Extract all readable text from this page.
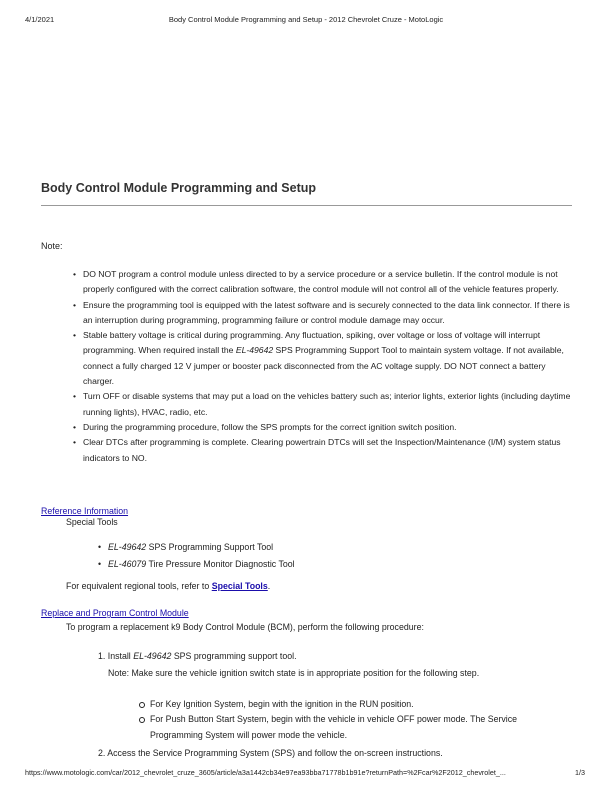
4/1/2021	Body Control Module Programming and Setup - 2012 Chevrolet Cruze - MotoLogic
Body Control Module Programming and Setup
Note:
• DO NOT program a control module unless directed to by a service procedure or a service bulletin. If the control module is not properly configured with the correct calibration software, the control module will not control all of the vehicle features properly.
• Ensure the programming tool is equipped with the latest software and is securely connected to the data link connector. If there is an interruption during programming, programming failure or control module damage may occur.
• Stable battery voltage is critical during programming. Any fluctuation, spiking, over voltage or loss of voltage will interrupt programming. When required install the EL-49642 SPS Programming Support Tool to maintain system voltage. If not available, connect a fully charged 12 V jumper or booster pack disconnected from the AC voltage supply. DO NOT connect a battery charger.
• Turn OFF or disable systems that may put a load on the vehicles battery such as; interior lights, exterior lights (including daytime running lights), HVAC, radio, etc.
• During the programming procedure, follow the SPS prompts for the correct ignition switch position.
• Clear DTCs after programming is complete. Clearing powertrain DTCs will set the Inspection/Maintenance (I/M) system status indicators to NO.
Reference Information
Special Tools
• EL-49642 SPS Programming Support Tool
• EL-46079 Tire Pressure Monitor Diagnostic Tool
For equivalent regional tools, refer to Special Tools.
Replace and Program Control Module
To program a replacement k9 Body Control Module (BCM), perform the following procedure:
1. Install EL-49642 SPS programming support tool.
Note: Make sure the vehicle ignition switch state is in appropriate position for the following step.
For Key Ignition System, begin with the ignition in the RUN position.
For Push Button Start System, begin with the vehicle in vehicle OFF power mode. The Service Programming System will power mode the vehicle.
2. Access the Service Programming System (SPS) and follow the on-screen instructions.
https://www.motologic.com/car/2012_chevrolet_cruze_3605/article/a3a1442cb34e97ea93bba71778b1b91e?returnPath=%2Fcar%2F2012_chevrolet_...	1/3
